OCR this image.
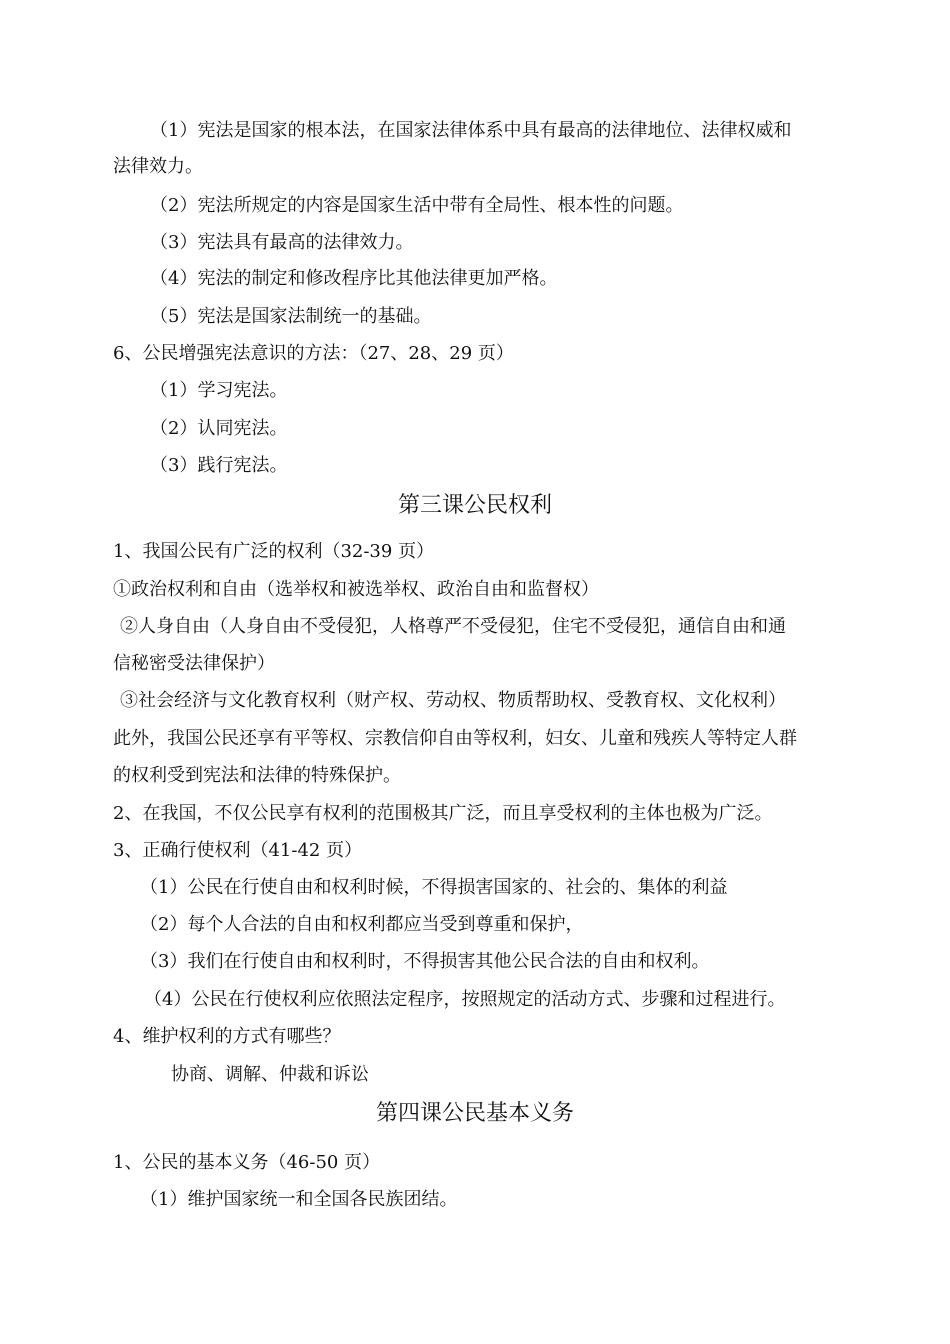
（1）宪法是国家的根本法，在国家法律体系中具有最高的法律地位、法律权威和
法律效力。
（2）宪法所规定的内容是国家生活中带有全局性、根本性的问题。
（3）宪法具有最高的法律效力。
（4）宪法的制定和修改程序比其他法律更加严格。
（5）宪法是国家法制统一的基础。
6、公民增强宪法意识的方法：（27、28、29 页）
（1）学习宪法。
（2）认同宪法。
（3）践行宪法。
第三课公民权利
1、我国公民有广泛的权利（32-39 页）
①政治权利和自由（选举权和被选举权、政治自由和监督权）
②人身自由（人身自由不受侵犯，人格尊严不受侵犯，住宅不受侵犯，通信自由和通
信秘密受法律保护）
③社会经济与文化教育权利（财产权、劳动权、物质帮助权、受教育权、文化权利）
此外，我国公民还享有平等权、宗教信仰自由等权利，妇女、儿童和残疾人等特定人群
的权利受到宪法和法律的特殊保护。
2、在我国，不仅公民享有权利的范围极其广泛，而且享受权利的主体也极为广泛。
3、正确行使权利（41-42 页）
（1）公民在行使自由和权利时候，不得损害国家的、社会的、集体的利益
（2）每个人合法的自由和权利都应当受到尊重和保护，
（3）我们在行使自由和权利时，不得损害其他公民合法的自由和权利。
（4）公民在行使权利应依照法定程序，按照规定的活动方式、步骤和过程进行。
4、维护权利的方式有哪些？
协商、调解、仲裁和诉讼
第四课公民基本义务
1、公民的基本义务（46-50 页）
（1）维护国家统一和全国各民族团结。
